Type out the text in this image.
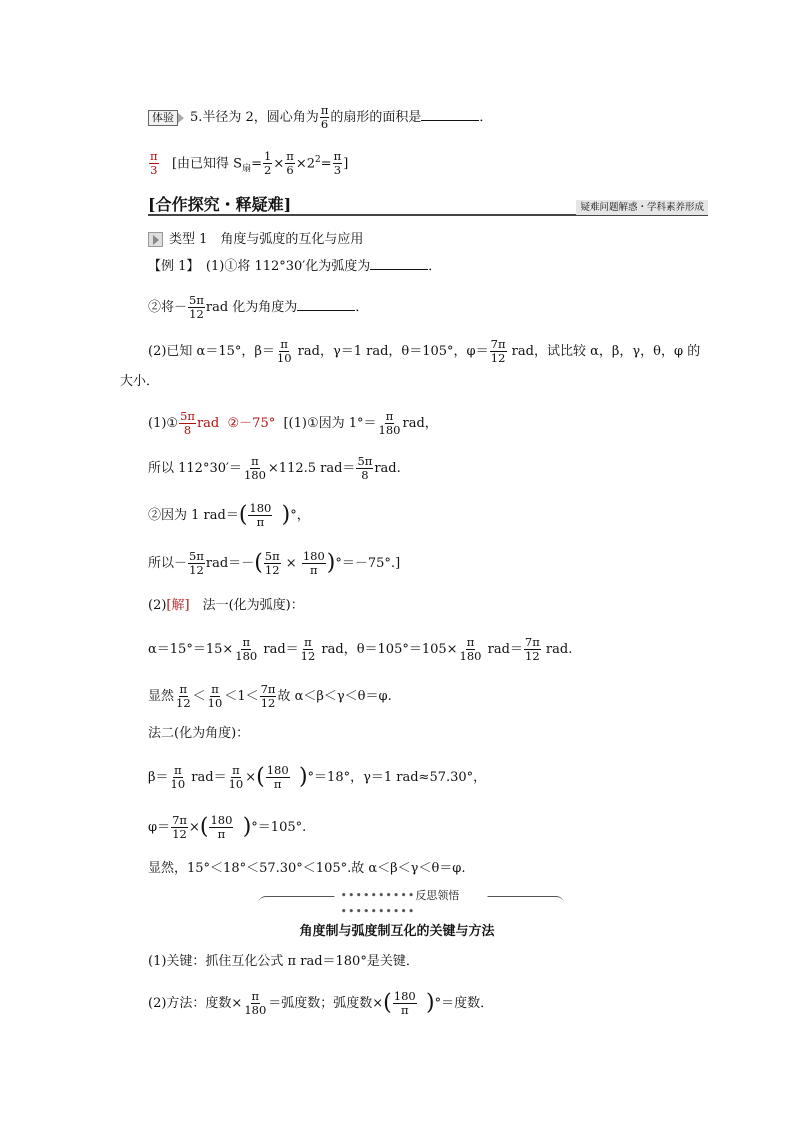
体验 5.半径为 2，圆心角为 $\frac{\pi}{6}$ 的扇形的面积是	．
$\frac{\pi}{3}$ [由已知得 $S_扇= \frac{1}{2} \times \frac{\pi}{6} \times 2^2= \frac{\pi}{3}$ ]
[合作探究・释疑难]	疑难问题解惑・学科素养形成
类型 1　角度与弧度的互化与应用
【例 1】　(1)①将 112°30′化为弧度为	．
②将－ $\frac{5\pi}{12}$ rad 化为角度为	．
(2)已知 α＝15°，$\beta= \frac{\pi}{10}$ rad，γ＝1 rad，θ＝105°，$\varphi= \frac{7\pi}{12}$ rad，试比较 α，β，γ，θ，φ 的
大小．
(1)① $\frac{5\pi}{8}$ rad ②－75° [(1)①因为 $1^\circ= \frac{\pi}{180}$ rad，
所以 $112^\circ 30'= \frac{\pi}{180} \times 112.5$ $rad= \frac{5\pi}{8}$ rad.
②因为 1 $rad=( \frac{180}{\pi}$ )°，
所以－ $\frac{5\pi}{12} rad=-( \frac{5\pi}{12} \times \frac{180}{\pi} )^\circ=-75^\circ$.]
(2)[解]　法一(化为弧度)：
$\alpha=15^\circ=15\times \frac{\pi}{180} rad= \frac{\pi}{12}$ rad，$\theta=105^\circ=105\times \frac{\pi}{180} rad= \frac{7\pi}{12}$ rad.
显然 $\frac{\pi}{12} < \frac{\pi}{10} <1< \frac{7\pi}{12}$ 故 α＜β＜γ＜θ＝φ.
法二(化为角度)：
$\beta= \frac{\pi}{10} rad= \frac{\pi}{10}$ ×( $\frac{180}{\pi} )^\circ=18^\circ$，γ＝1 rad≈57.30°，
$\varphi= \frac{7\pi}{12}$ ×( $\frac{180}{\pi} )^\circ=105^\circ$.
显然，15°＜18°＜57.30°＜105°.故 α＜β＜γ＜θ＝φ.
••••••••••反思领悟••••••••••
角度制与弧度制互化的关键与方法
(1)关键：抓住互化公式 π rad＝180°是关键．
(2)方法：度数× $\frac{\pi}{180}$ ＝弧度数；弧度数×( $\frac{180}{\pi}$ )°＝度数．
